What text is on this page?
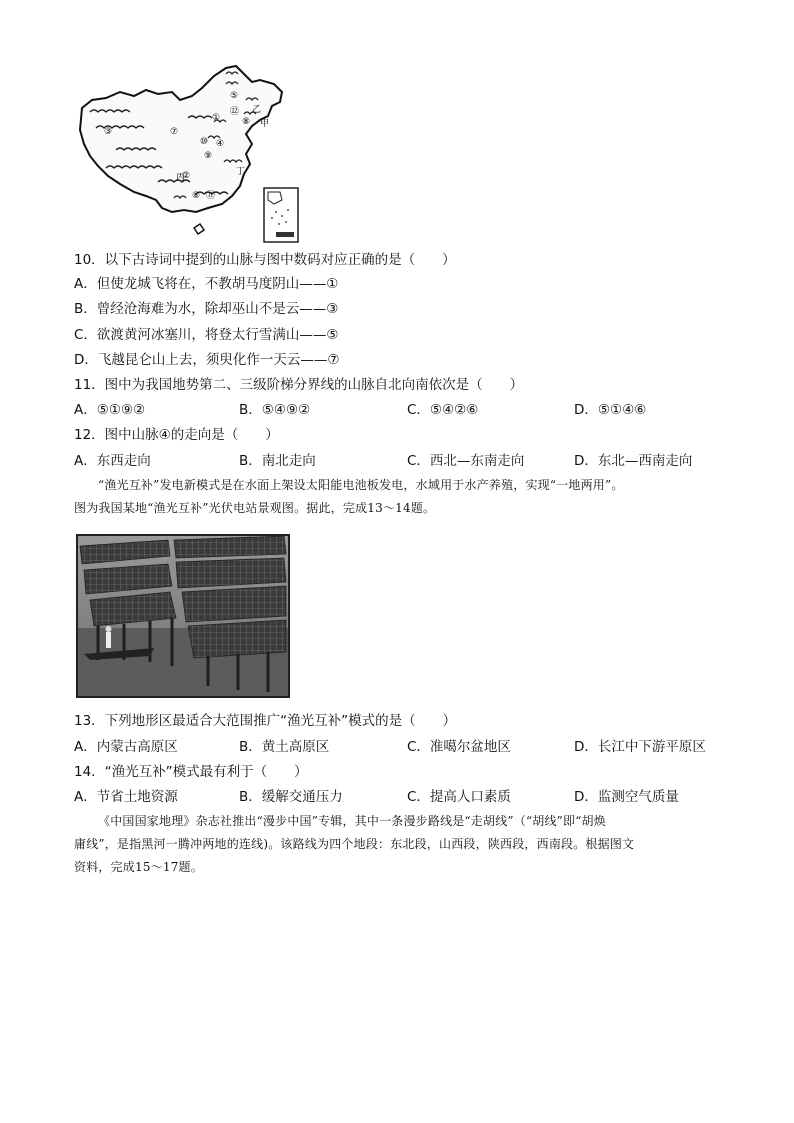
①
②
③
④
⑤
⑥
⑦
⑧
⑨
⑩
⑪
⑫
甲
乙
丙
丁
10．以下古诗词中提到的山脉与图中数码对应正确的是（　　）
A．但使龙城飞将在，不教胡马度阴山——①
B．曾经沧海难为水，除却巫山不是云——③
C．欲渡黄河冰塞川，将登太行雪满山——⑤
D．飞越昆仑山上去，须臾化作一天云——⑦
11．图中为我国地势第二、三级阶梯分界线的山脉自北向南依次是（　　）
A．⑤①⑨②	B．⑤④⑨②	C．⑤④②⑥	D．⑤①④⑥
12．图中山脉④的走向是（　　）
A．东西走向	B．南北走向	C．西北—东南走向	D．东北—西南走向
“渔光互补”发电新模式是在水面上架设太阳能电池板发电，水域用于水产养殖，实现“一地两用”。
图为我国某地“渔光互补”光伏电站景观图。据此，完成13～14题。
13．下列地形区最适合大范围推广“渔光互补”模式的是（　　）
A．内蒙古高原区	B．黄土高原区	C．准噶尔盆地区	D．长江中下游平原区
14．“渔光互补”模式最有利于（　　）
A．节省土地资源	B．缓解交通压力	C．提高人口素质	D．监测空气质量
《中国国家地理》杂志社推出“漫步中国”专辑，其中一条漫步路线是“走胡线”（“胡线”即“胡焕
庸线”，是指黑河一腾冲两地的连线)。该路线为四个地段：东北段，山西段，陕西段，西南段。根据图文
资料，完成15～17题。
